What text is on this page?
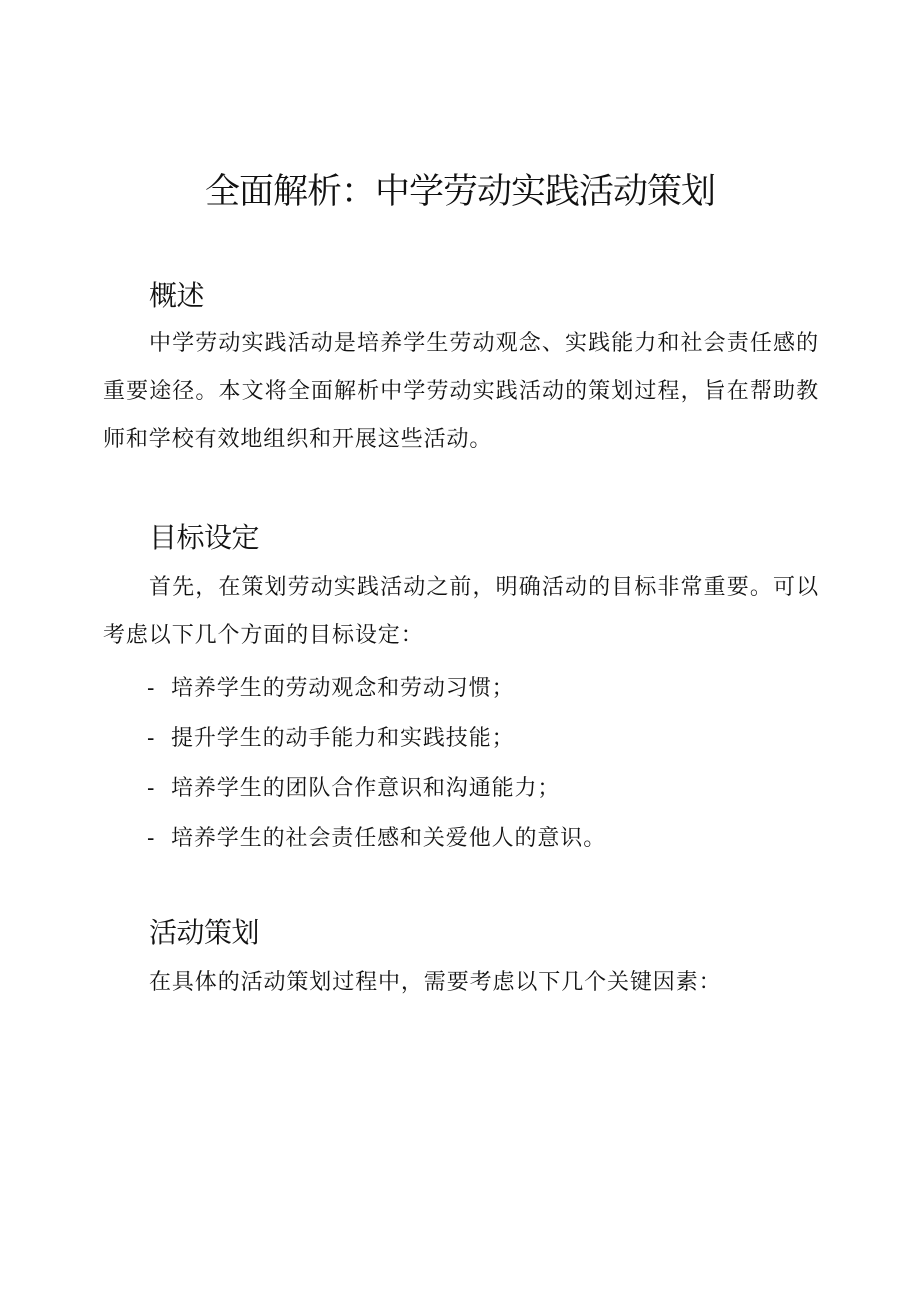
全面解析：中学劳动实践活动策划
概述

中学劳动实践活动是培养学生劳动观念、实践能力和社会责任感的重要途径。本文将全面解析中学劳动实践活动的策划过程，旨在帮助教师和学校有效地组织和开展这些活动。

目标设定

首先，在策划劳动实践活动之前，明确活动的目标非常重要。可以考虑以下几个方面的目标设定：

- 培养学生的劳动观念和劳动习惯；
- 提升学生的动手能力和实践技能；
- 培养学生的团队合作意识和沟通能力；
- 培养学生的社会责任感和关爱他人的意识。
活动策划

在具体的活动策划过程中，需要考虑以下几个关键因素：
